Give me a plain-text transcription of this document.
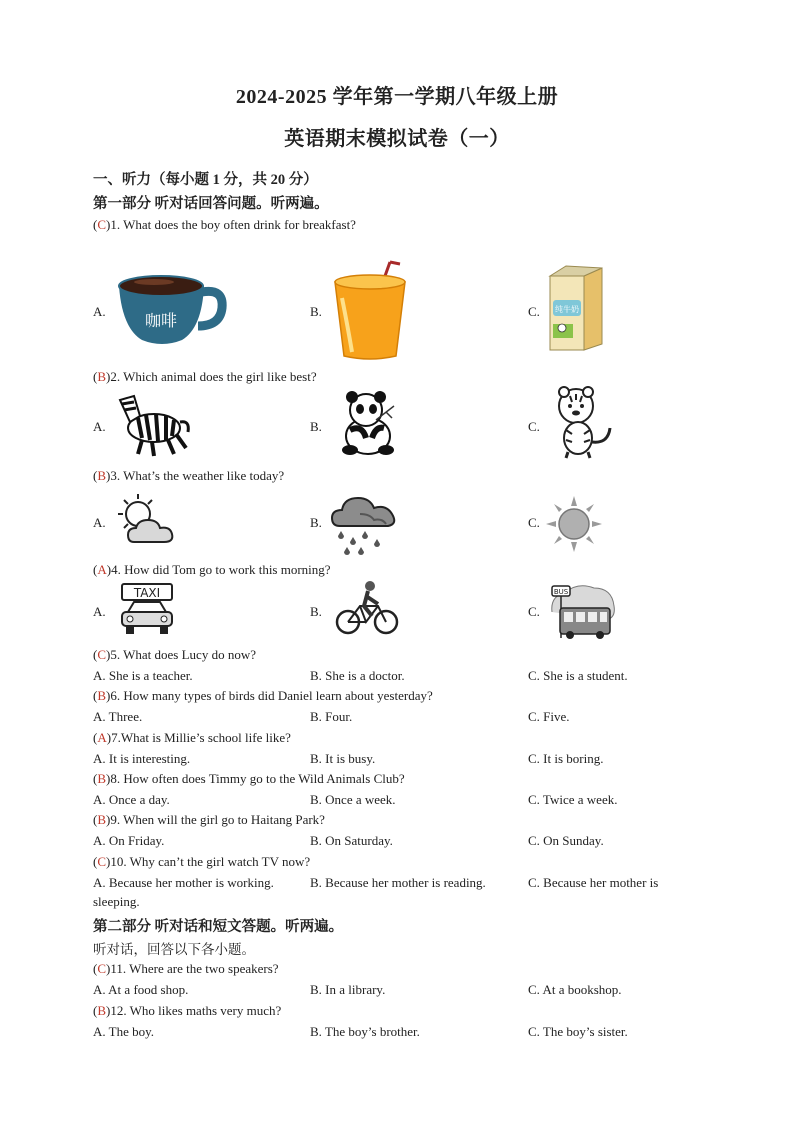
2024-2025 学年第一学期八年级上册
英语期末模拟试卷（一）
一、听力（每小题 1 分，共 20 分）
第一部分 听对话回答问题。听两遍。
(C)1. What does the boy often drink for breakfast?
A.	B.	C.
咖啡
纯牛奶
(B)2. Which animal does the girl like best?
A.	B.	C.
(B)3. What’s the weather like today?
A.	B.	C.
(A)4. How did Tom go to work this morning?
A.	B.	C.
TAXI	BUS
(C)5. What does Lucy do now?
A. She is a teacher.	B. She is a doctor.	C. She is a student.
(B)6. How many types of birds did Daniel learn about yesterday?
A. Three.	B. Four.	C. Five.
(A)7.What is Millie’s school life like?
A. It is interesting.	B. It is busy.	C. It is boring.
(B)8. How often does Timmy go to the Wild Animals Club?
A. Once a day.	B. Once a week.	C. Twice a week.
(B)9. When will the girl go to Haitang Park?
A. On Friday.	B. On Saturday.	C. On Sunday.
(C)10. Why can’t the girl watch TV now?
A. Because her mother is working.	B. Because her mother is reading.	C. Because her mother is
sleeping.
第二部分 听对话和短文答题。听两遍。
听对话，回答以下各小题。
(C)11. Where are the two speakers?
A. At a food shop.	B. In a library.	C. At a bookshop.
(B)12. Who likes maths very much?
A. The boy.	B. The boy’s brother.	C. The boy’s sister.
